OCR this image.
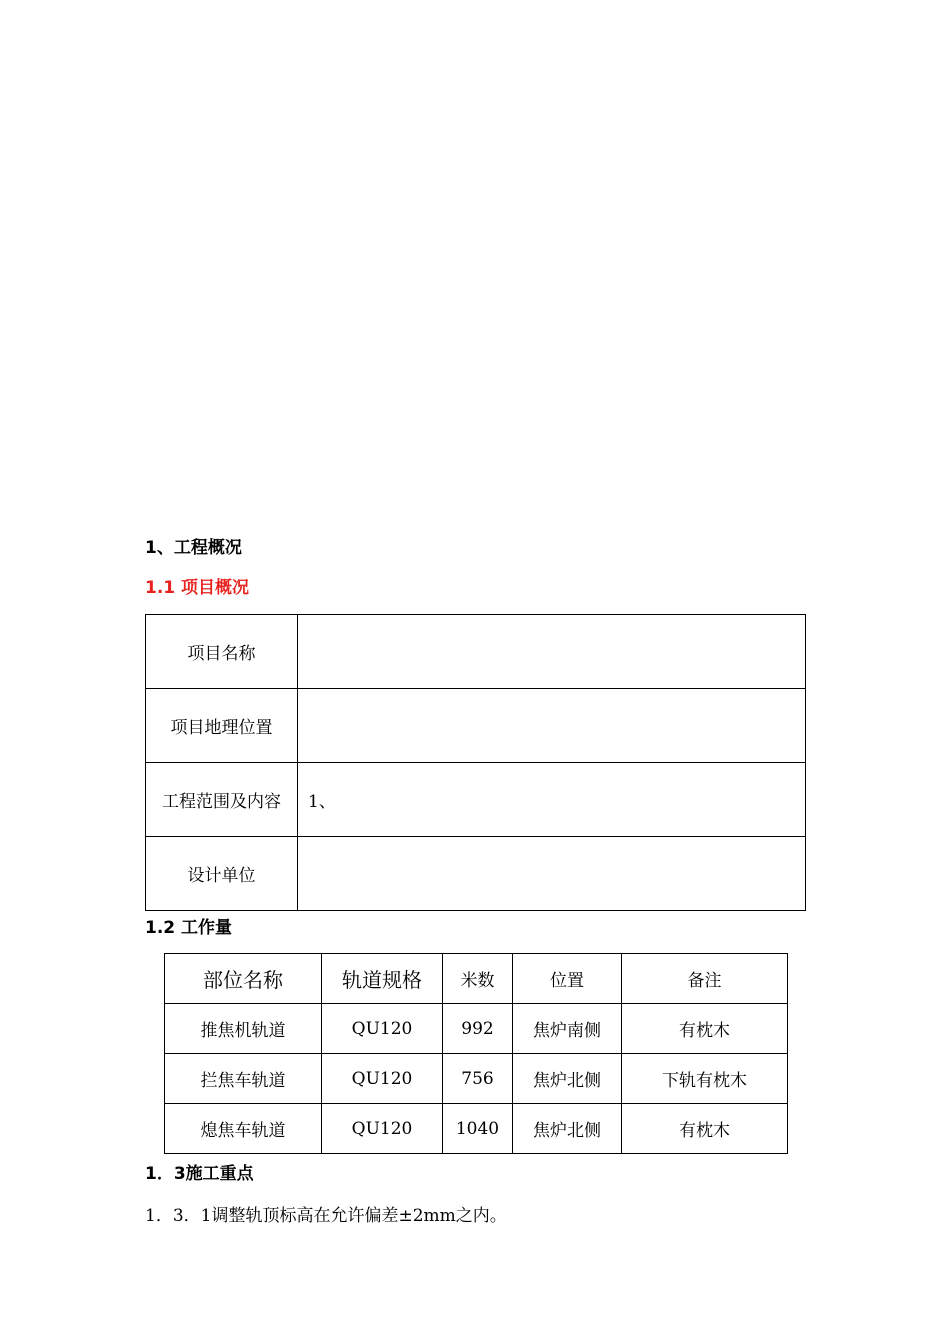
1、工程概况
1.1 项目概况
项目名称	
项目地理位置	
工程范围及内容	1、
设计单位	
1.2 工作量
部位名称	轨道规格	米数	位置	备注
推焦机轨道	QU120	992	焦炉南侧	有枕木
拦焦车轨道	QU120	756	焦炉北侧	下轨有枕木
熄焦车轨道	QU120	1040	焦炉北侧	有枕木
1．3施工重点
1．3．1调整轨顶标高在允许偏差±2mm之内。
